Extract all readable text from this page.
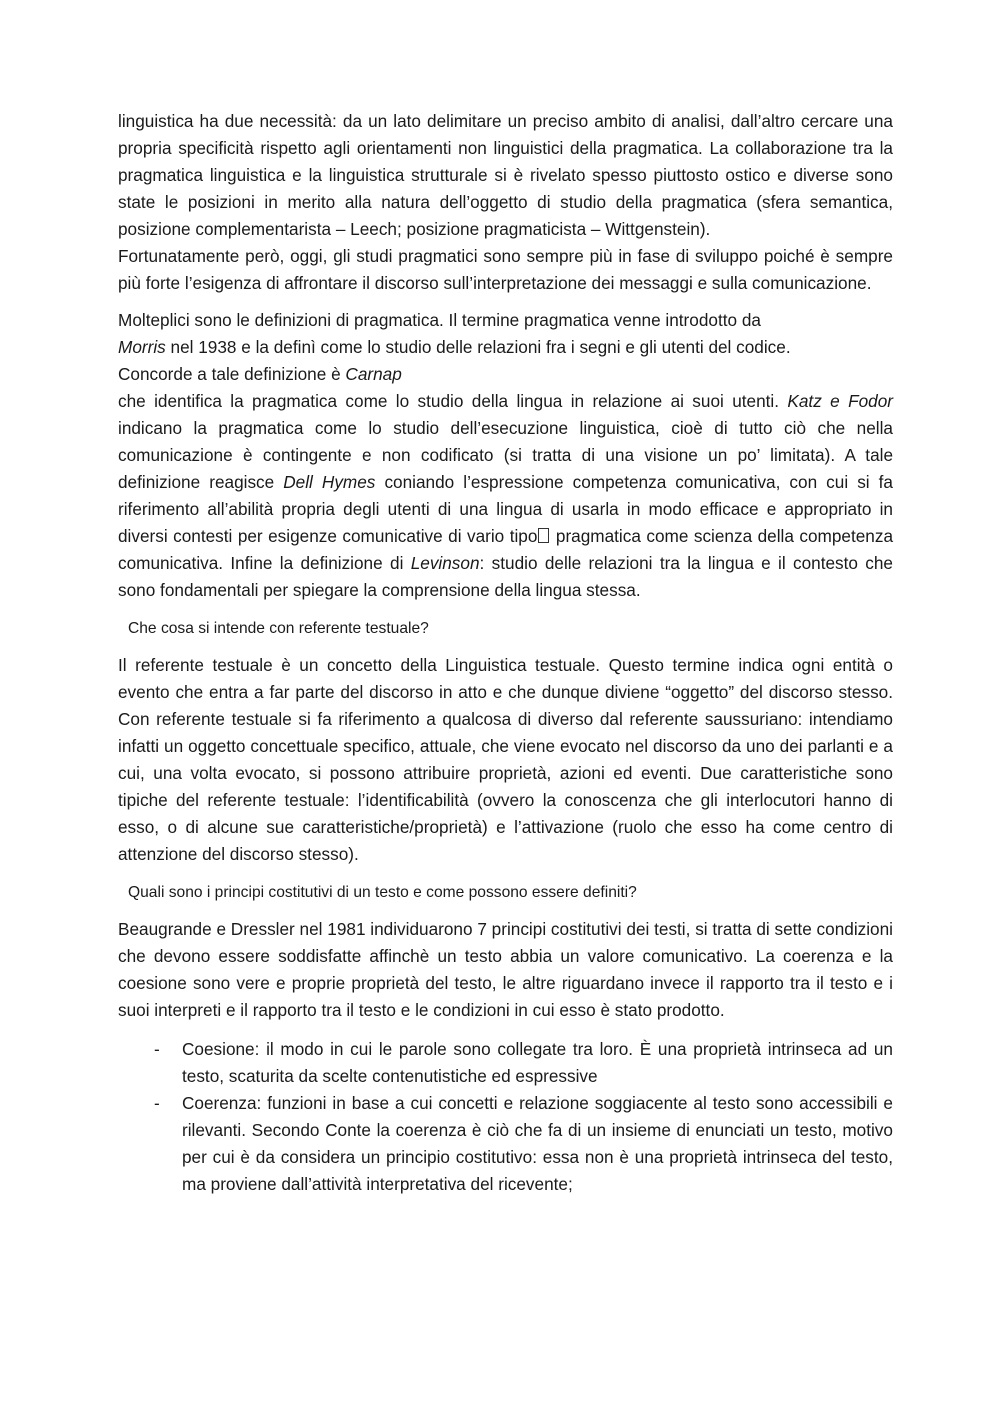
linguistica ha due necessità: da un lato delimitare un preciso ambito di analisi, dall’altro cercare una propria specificità rispetto agli orientamenti non linguistici della pragmatica. La collaborazione tra la pragmatica linguistica e la linguistica strutturale si è rivelato spesso piuttosto ostico e diverse sono state le posizioni in merito alla natura dell’oggetto di studio della pragmatica (sfera semantica, posizione complementarista – Leech; posizione pragmaticista – Wittgenstein).

Fortunatamente però, oggi, gli studi pragmatici sono sempre più in fase di sviluppo poiché è sempre più forte l’esigenza di affrontare il discorso sull’interpretazione dei messaggi e sulla comunicazione.

Molteplici sono le definizioni di pragmatica. Il termine pragmatica venne introdotto da
Morris nel 1938 e la definì come lo studio delle relazioni fra i segni e gli utenti del codice.
Concorde a tale definizione è Carnap

che identifica la pragmatica come lo studio della lingua in relazione ai suoi utenti. Katz e Fodor indicano la pragmatica come lo studio dell’esecuzione linguistica, cioè di tutto ciò che nella comunicazione è contingente e non codificato (si tratta di una visione un po’ limitata). A tale definizione reagisce Dell Hymes coniando l’espressione competenza comunicativa, con cui si fa riferimento all’abilità propria degli utenti di una lingua di usarla in modo efficace e appropriato in diversi contesti per esigenze comunicative di vario tipo pragmatica come scienza della competenza comunicativa. Infine la definizione di Levinson: studio delle relazioni tra la lingua e il contesto che sono fondamentali per spiegare la comprensione della lingua stessa.

Che cosa si intende con referente testuale?

Il referente testuale è un concetto della Linguistica testuale. Questo termine indica ogni entità o evento che entra a far parte del discorso in atto e che dunque diviene “oggetto” del discorso stesso. Con referente testuale si fa riferimento a qualcosa di diverso dal referente saussuriano: intendiamo infatti un oggetto concettuale specifico, attuale, che viene evocato nel discorso da uno dei parlanti e a cui, una volta evocato, si possono attribuire proprietà, azioni ed eventi. Due caratteristiche sono tipiche del referente testuale: l’identificabilità (ovvero la conoscenza che gli interlocutori hanno di esso, o di alcune sue caratteristiche/proprietà) e l’attivazione (ruolo che esso ha come centro di attenzione del discorso stesso).

Quali sono i principi costitutivi di un testo e come possono essere definiti?

Beaugrande e Dressler nel 1981 individuarono 7 principi costitutivi dei testi, si tratta di sette condizioni che devono essere soddisfatte affinchè un testo abbia un valore comunicativo. La coerenza e la coesione sono vere e proprie proprietà del testo, le altre riguardano invece il rapporto tra il testo e i suoi interpreti e il rapporto tra il testo e le condizioni in cui esso è stato prodotto.

- Coesione: il modo in cui le parole sono collegate tra loro. È una proprietà intrinseca ad un testo, scaturita da scelte contenutistiche ed espressive

- Coerenza: funzioni in base a cui concetti e relazione soggiacente al testo sono accessibili e rilevanti. Secondo Conte la coerenza è ciò che fa di un insieme di enunciati un testo, motivo per cui è da considera un principio costitutivo: essa non è una proprietà intrinseca del testo, ma proviene dall’attività interpretativa del ricevente;
